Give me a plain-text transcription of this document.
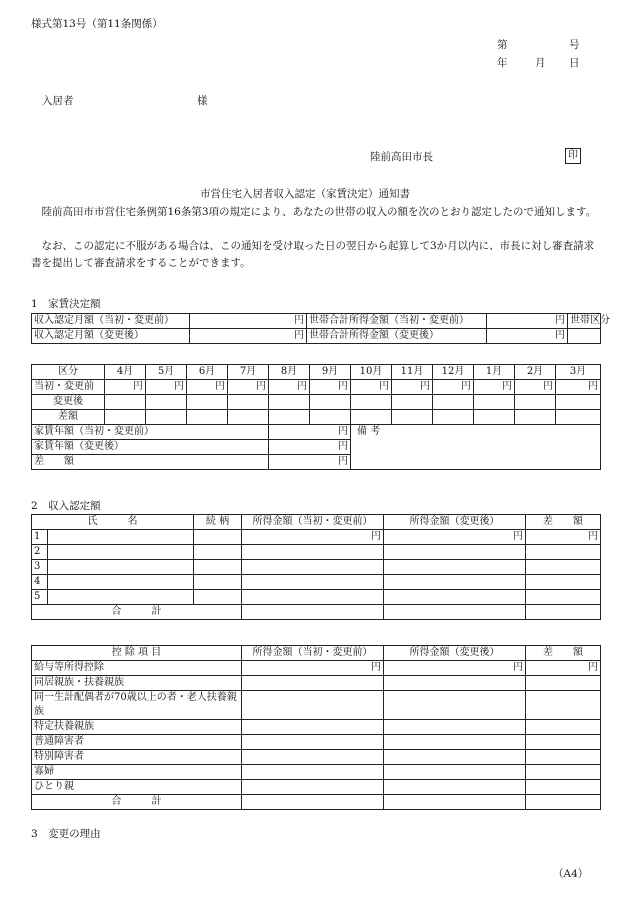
様式第13号（第11条関係）
第	号
年	月 日
入居者	様
陸前高田市長	印
市営住宅入居者収入認定（家賃決定）通知書

陸前高田市市営住宅条例第16条第3項の規定により、あなたの世帯の収入の額を次のとおり認定したので通知します。

なお、この認定に不服がある場合は、この通知を受け取った日の翌日から起算して3か月以内に、市長に対し審査請求書を提出して審査請求をすることができます。

1　家賃決定額
収入認定月額（当初・変更前）	円	世帯合計所得金額（当初・変更前）	円	世帯区分
収入認定月額（変更後）	円	世帯合計所得金額（変更後）	円	
区分	4月	5月	6月	7月	8月	9月	10月	11月	12月	1月	2月	3月
当初・変更前	円	円	円	円	円	円	円	円	円	円	円	円
変更後												
差額												
家賃年額（当初・変更前）					円		備 考					
家賃年額（変更後）					円							
差　　額					円							
2　収入認定額
氏　　　名		続 柄	所得金額（当初・変更前）	所得金額（変更後）	差　　額
1			円	円	円
2					
3					
4					
5					
合　　　計					
控 除 項 目	所得金額（当初・変更前）	所得金額（変更後）	差　　額
給与等所得控除	円	円	円
同居親族・扶養親族			
同一生計配偶者が70歳以上の者・老人扶養親族			
特定扶養親族			
普通障害者			
特別障害者			
寡婦			
ひとり親			
合　　　計			
3　変更の理由
（A4）
